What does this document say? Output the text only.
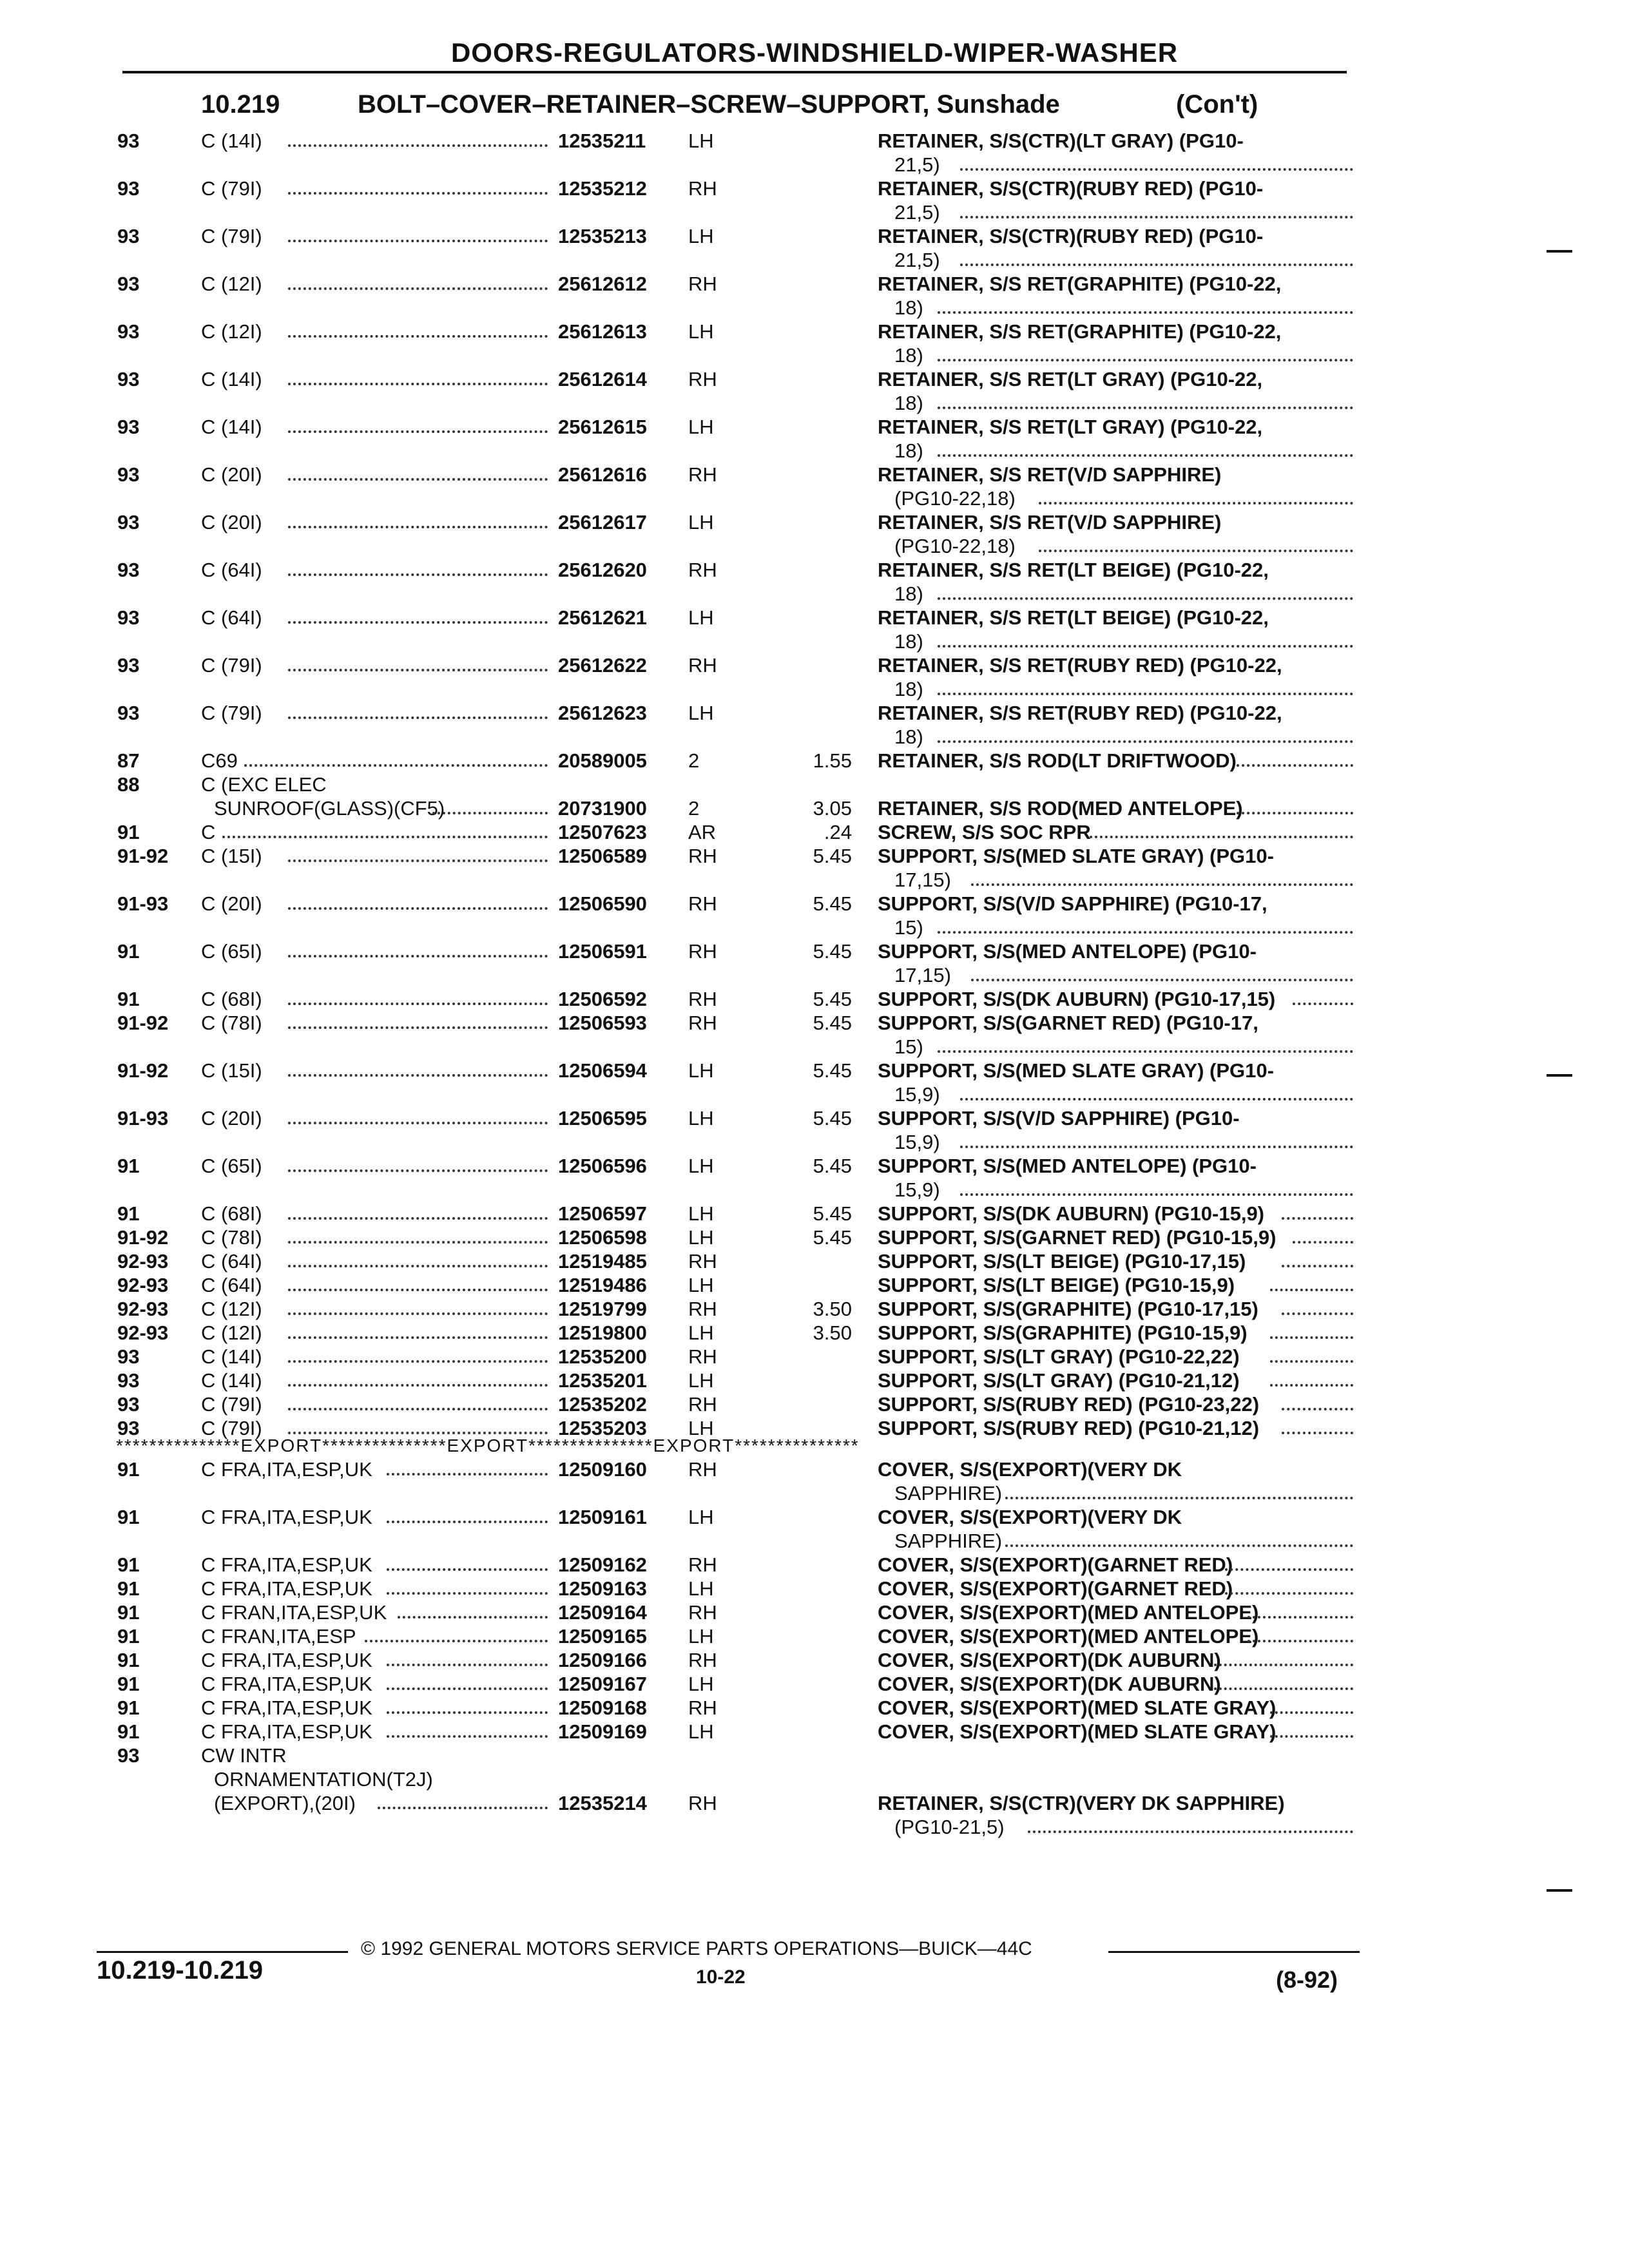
DOORS-REGULATORS-WINDSHIELD-WIPER-WASHER
10.219	BOLT–COVER–RETAINER–SCREW–SUPPORT, Sunshade	(Con't)
93	C (14I)	12535211 LH	RETAINER, S/S(CTR)(LT GRAY) (PG10-
21,5)
93	C (79I)	12535212 RH	RETAINER, S/S(CTR)(RUBY RED) (PG10-
21,5)
93	C (79I)	12535213 LH	RETAINER, S/S(CTR)(RUBY RED) (PG10-
21,5)
93	C (12I)	25612612 RH	RETAINER, S/S RET(GRAPHITE) (PG10-22,
18)
93	C (12I)	25612613 LH	RETAINER, S/S RET(GRAPHITE) (PG10-22,
18)
93	C (14I)	25612614 RH	RETAINER, S/S RET(LT GRAY) (PG10-22,
18)
93	C (14I)	25612615 LH	RETAINER, S/S RET(LT GRAY) (PG10-22,
18)
93	C (20I)	25612616 RH	RETAINER, S/S RET(V/D SAPPHIRE)
(PG10-22,18)
93	C (20I)	25612617 LH	RETAINER, S/S RET(V/D SAPPHIRE)
(PG10-22,18)
93	C (64I)	25612620 RH	RETAINER, S/S RET(LT BEIGE) (PG10-22,
18)
93	C (64I)	25612621 LH	RETAINER, S/S RET(LT BEIGE) (PG10-22,
18)
93	C (79I)	25612622 RH	RETAINER, S/S RET(RUBY RED) (PG10-22,
18)
93	C (79I)	25612623 LH	RETAINER, S/S RET(RUBY RED) (PG10-22,
18)
87	C69	20589005 2	1.55 RETAINER, S/S ROD(LT DRIFTWOOD)
88	C (EXC ELEC
SUNROOF(GLASS)(CF5)	20731900 2	3.05 RETAINER, S/S ROD(MED ANTELOPE)
91	C	12507623 AR	.24 SCREW, S/S SOC RPR
91-92 C (15I)	12506589 RH	5.45 SUPPORT, S/S(MED SLATE GRAY) (PG10-
17,15)
91-93 C (20I)	12506590 RH	5.45 SUPPORT, S/S(V/D SAPPHIRE) (PG10-17,
15)
91	C (65I)	12506591 RH	5.45 SUPPORT, S/S(MED ANTELOPE) (PG10-
17,15)
91	C (68I)	12506592 RH	5.45 SUPPORT, S/S(DK AUBURN) (PG10-17,15)
91-92 C (78I)	12506593 RH	5.45 SUPPORT, S/S(GARNET RED) (PG10-17,
15)
91-92 C (15I)	12506594 LH	5.45 SUPPORT, S/S(MED SLATE GRAY) (PG10-
15,9)
91-93 C (20I)	12506595 LH	5.45 SUPPORT, S/S(V/D SAPPHIRE) (PG10-
15,9)
91	C (65I)	12506596 LH	5.45 SUPPORT, S/S(MED ANTELOPE) (PG10-
15,9)
91	C (68I)	12506597 LH	5.45 SUPPORT, S/S(DK AUBURN) (PG10-15,9)
91-92 C (78I)	12506598 LH	5.45 SUPPORT, S/S(GARNET RED) (PG10-15,9)
92-93 C (64I)	12519485 RH	SUPPORT, S/S(LT BEIGE) (PG10-17,15)
92-93 C (64I)	12519486 LH	SUPPORT, S/S(LT BEIGE) (PG10-15,9)
92-93 C (12I)	12519799 RH	3.50 SUPPORT, S/S(GRAPHITE) (PG10-17,15)
92-93 C (12I)	12519800 LH	3.50 SUPPORT, S/S(GRAPHITE) (PG10-15,9)
93	C (14I)	12535200 RH	SUPPORT, S/S(LT GRAY) (PG10-22,22)
93	C (14I)	12535201 LH	SUPPORT, S/S(LT GRAY) (PG10-21,12)
93	C (79I)	12535202 RH	SUPPORT, S/S(RUBY RED) (PG10-23,22)
93	C (79I)	12535203 LH	SUPPORT, S/S(RUBY RED) (PG10-21,12)
91	C FRA,ITA,ESP,UK	12509160 RH	COVER, S/S(EXPORT)(VERY DK
SAPPHIRE)
91	C FRA,ITA,ESP,UK	12509161 LH	COVER, S/S(EXPORT)(VERY DK
SAPPHIRE)
91	C FRA,ITA,ESP,UK	12509162 RH	COVER, S/S(EXPORT)(GARNET RED)
91	C FRA,ITA,ESP,UK	12509163 LH	COVER, S/S(EXPORT)(GARNET RED)
91	C FRAN,ITA,ESP,UK	12509164 RH	COVER, S/S(EXPORT)(MED ANTELOPE)
91	C FRAN,ITA,ESP	12509165 LH	COVER, S/S(EXPORT)(MED ANTELOPE)
91	C FRA,ITA,ESP,UK	12509166 RH	COVER, S/S(EXPORT)(DK AUBURN)
91	C FRA,ITA,ESP,UK	12509167 LH	COVER, S/S(EXPORT)(DK AUBURN)
91	C FRA,ITA,ESP,UK	12509168 RH	COVER, S/S(EXPORT)(MED SLATE GRAY)
91	C FRA,ITA,ESP,UK	12509169 LH	COVER, S/S(EXPORT)(MED SLATE GRAY)
93	CW INTR
ORNAMENTATION(T2J)
(EXPORT),(20I)	12535214 RH	RETAINER, S/S(CTR)(VERY DK SAPPHIRE)
(PG10-21,5)
***************EXPORT***************EXPORT***************EXPORT***************
© 1992 GENERAL MOTORS SERVICE PARTS OPERATIONS—BUICK—44C
10.219-10.219	10-22	(8-92)
